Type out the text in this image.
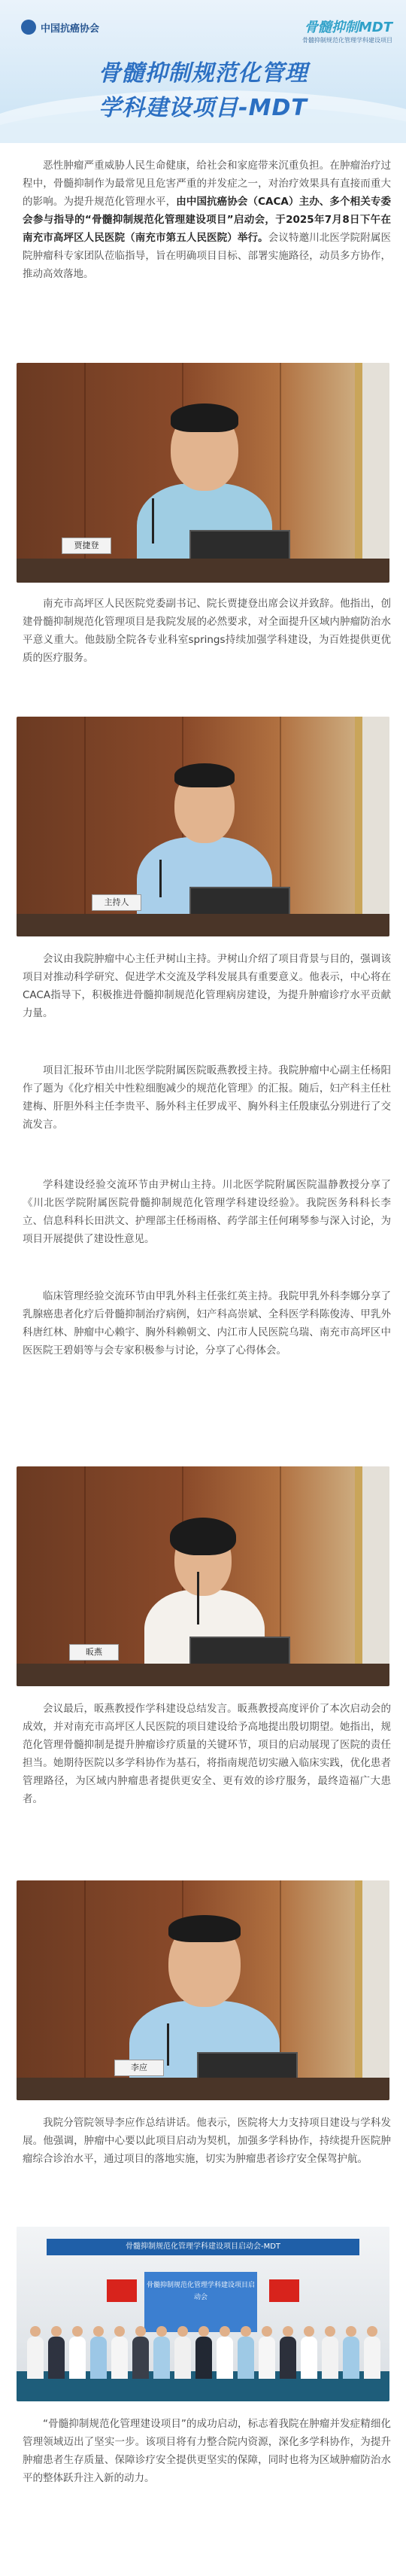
中国抗癌协会	骨髓抑制MDT
骨髓抑制规范化管理学科建设项目
骨髓抑制规范化管理
学科建设项目-MDT

恶性肿瘤严重威胁人民生命健康，给社会和家庭带来沉重负担。在肿瘤治疗过程中，骨髓抑制作为最常见且危害严重的并发症之一，对治疗效果具有直接而重大的影响。为提升规范化管理水平，由中国抗癌协会（CACA）主办、多个相关专委会参与指导的“骨髓抑制规范化管理建设项目”启动会，于2025年7月8日下午在南充市高坪区人民医院（南充市第五人民医院）举行。会议特邀川北医学院附属医院肿瘤科专家团队莅临指导，旨在明确项目目标、部署实施路径，动员多方协作，推动高效落地。

贾捷登

南充市高坪区人民医院党委副书记、院长贾捷登出席会议并致辞。他指出，创建骨髓抑制规范化管理项目是我院发展的必然要求，对全面提升区域内肿瘤防治水平意义重大。他鼓励全院各专业科室springs持续加强学科建设，为百姓提供更优质的医疗服务。

主持人

会议由我院肿瘤中心主任尹树山主持。尹树山介绍了项目背景与目的，强调该项目对推动科学研究、促进学术交流及学科发展具有重要意义。他表示，中心将在CACA指导下，积极推进骨髓抑制规范化管理病房建设，为提升肿瘤诊疗水平贡献力量。

项目汇报环节由川北医学院附属医院昄燕教授主持。我院肿瘤中心副主任杨阳作了题为《化疗相关中性粒细胞减少的规范化管理》的汇报。随后，妇产科主任杜建梅、肝胆外科主任李贵平、肠外科主任罗成平、胸外科主任殷康弘分别进行了交流发言。

学科建设经验交流环节由尹树山主持。川北医学院附属医院温静教授分享了《川北医学院附属医院骨髓抑制规范化管理学科建设经验》。我院医务科科长李立、信息科科长田洪文、护理部主任杨雨格、药学部主任何琍琴参与深入讨论，为项目开展提供了建设性意见。

临床管理经验交流环节由甲乳外科主任张红英主持。我院甲乳外科李娜分享了乳腺癌患者化疗后骨髓抑制治疗病例，妇产科高崇斌、全科医学科陈俊涛、甲乳外科唐红林、肿瘤中心赖宇、胸外科赖朝文、内江市人民医院乌瑞、南充市高坪区中医医院王碧娟等与会专家积极参与讨论，分享了心得体会。

昄燕

会议最后，昄燕教授作学科建设总结发言。昄燕教授高度评价了本次启动会的成效，并对南充市高坪区人民医院的项目建设给予高地提出殷切期望。她指出，规范化管理骨髓抑制是提升肿瘤诊疗质量的关键环节，项目的启动展现了医院的责任担当。她期待医院以多学科协作为基石，将指南规范切实融入临床实践，优化患者管理路径，为区域内肿瘤患者提供更安全、更有效的诊疗服务，最终造福广大患者。

李应

我院分管院领导李应作总结讲话。他表示，医院将大力支持项目建设与学科发展。他强调，肿瘤中心要以此项目启动为契机，加强多学科协作，持续提升医院肿瘤综合诊治水平，通过项目的落地实施，切实为肿瘤患者诊疗安全保驾护航。

骨髓抑制规范化管理学科建设项目启动会-MDT
骨髓抑制规范化管理学科建设项目启动会

“骨髓抑制规范化管理建设项目”的成功启动，标志着我院在肿瘤并发症精细化管理领域迈出了坚实一步。该项目将有力整合院内资源，深化多学科协作，为提升肿瘤患者生存质量、保障诊疗安全提供更坚实的保障，同时也将为区域肿瘤防治水平的整体跃升注入新的动力。
